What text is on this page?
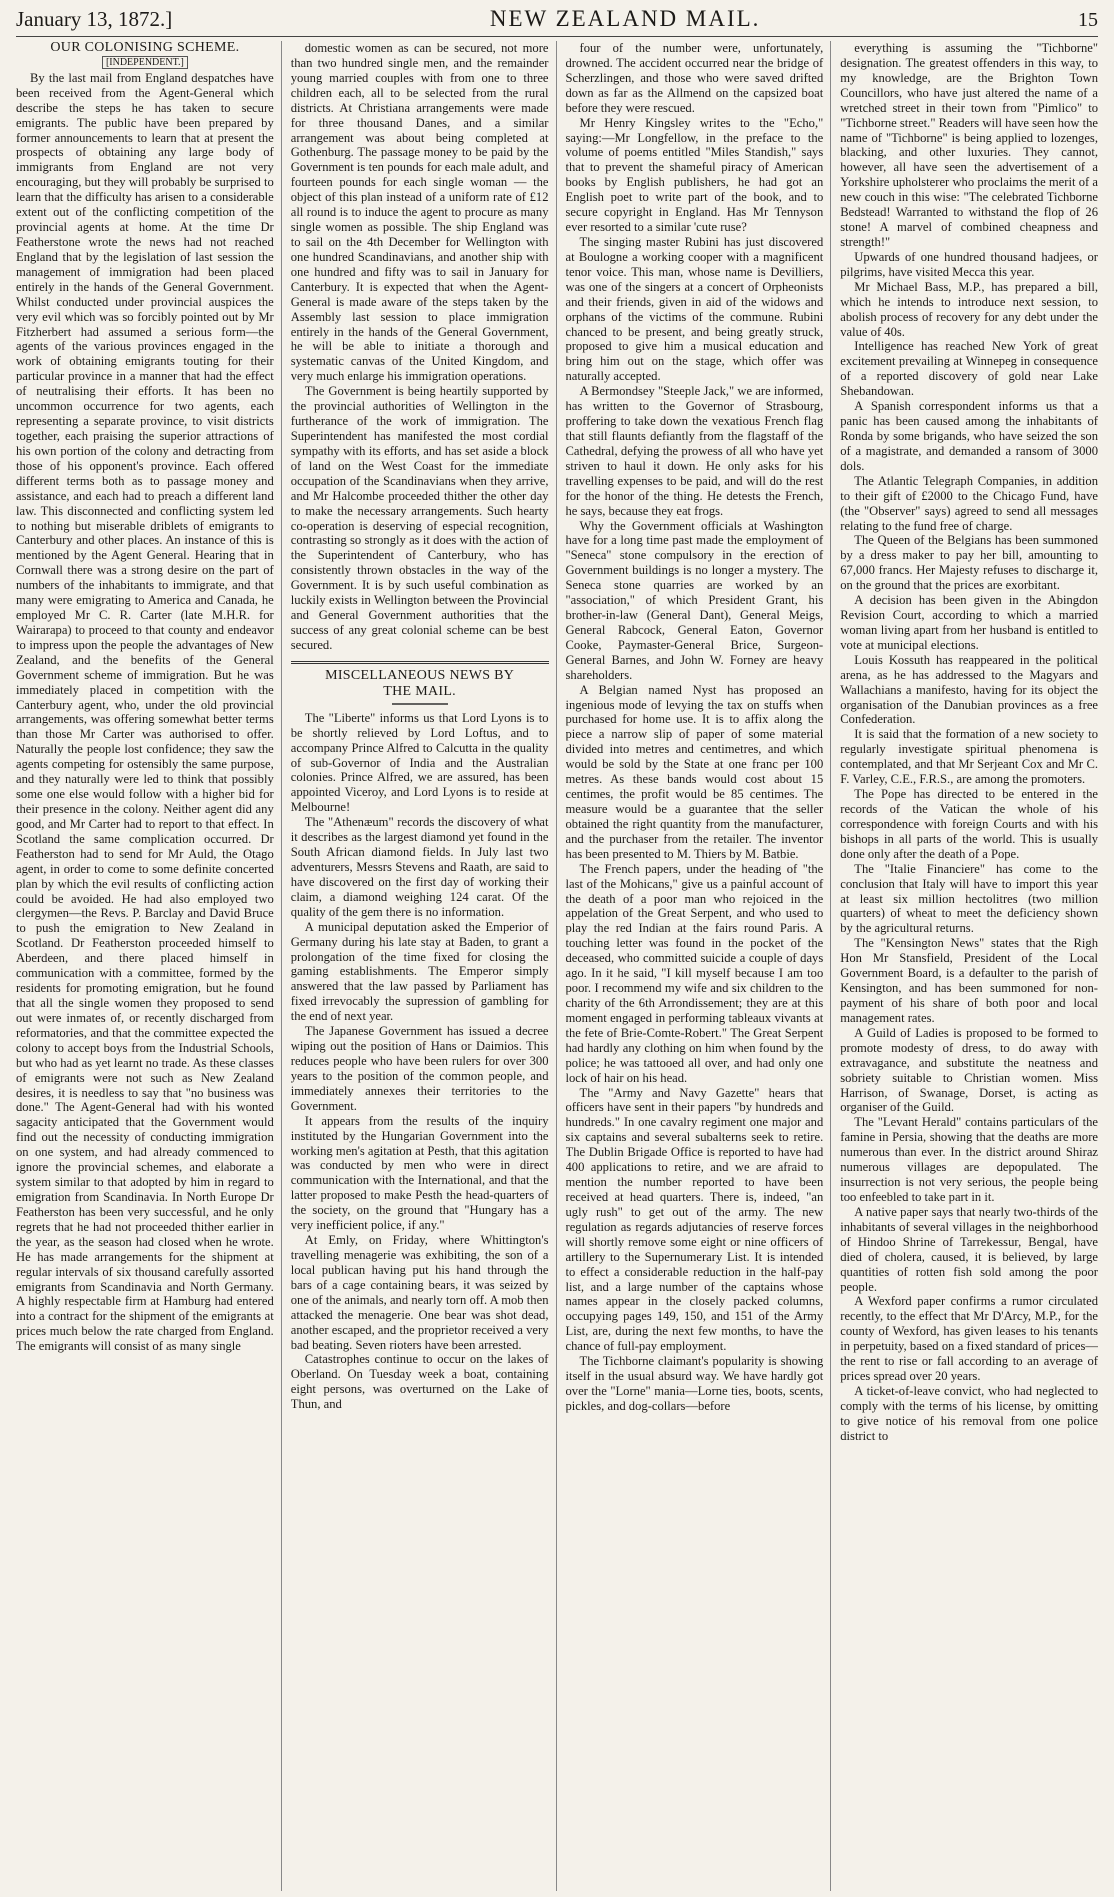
January 13, 1872.]	NEW ZEALAND MAIL.	15

OUR COLONISING SCHEME.

[INDEPENDENT.]

By the last mail from England despatches have been received from the Agent-General which describe the steps he has taken to secure emigrants. The public have been prepared by former announcements to learn that at present the prospects of obtaining any large body of immigrants from England are not very encouraging, but they will probably be surprised to learn that the difficulty has arisen to a considerable extent out of the conflicting competition of the provincial agents at home. At the time Dr Featherstone wrote the news had not reached England that by the legislation of last session the management of immigration had been placed entirely in the hands of the General Government. Whilst conducted under provincial auspices the very evil which was so forcibly pointed out by Mr Fitzherbert had assumed a serious form—the agents of the various provinces engaged in the work of obtaining emigrants touting for their particular province in a manner that had the effect of neutralising their efforts. It has been no uncommon occurrence for two agents, each representing a separate province, to visit districts together, each praising the superior attractions of his own portion of the colony and detracting from those of his opponent's province. Each offered different terms both as to passage money and assistance, and each had to preach a different land law. This disconnected and conflicting system led to nothing but miserable driblets of emigrants to Canterbury and other places. An instance of this is mentioned by the Agent General. Hearing that in Cornwall there was a strong desire on the part of numbers of the inhabitants to immigrate, and that many were emigrating to America and Canada, he employed Mr C. R. Carter (late M.H.R. for Wairarapa) to proceed to that county and endeavor to impress upon the people the advantages of New Zealand, and the benefits of the General Government scheme of immigration. But he was immediately placed in competition with the Canterbury agent, who, under the old provincial arrangements, was offering somewhat better terms than those Mr Carter was authorised to offer. Naturally the people lost confidence; they saw the agents competing for ostensibly the same purpose, and they naturally were led to think that possibly some one else would follow with a higher bid for their presence in the colony. Neither agent did any good, and Mr Carter had to report to that effect. In Scotland the same complication occurred. Dr Featherston had to send for Mr Auld, the Otago agent, in order to come to some definite concerted plan by which the evil results of conflicting action could be avoided. He had also employed two clergymen—the Revs. P. Barclay and David Bruce to push the emigration to New Zealand in Scotland. Dr Featherston proceeded himself to Aberdeen, and there placed himself in communication with a committee, formed by the residents for promoting emigration, but he found that all the single women they proposed to send out were inmates of, or recently discharged from reformatories, and that the committee expected the colony to accept boys from the Industrial Schools, but who had as yet learnt no trade. As these classes of emigrants were not such as New Zealand desires, it is needless to say that "no business was done." The Agent-General had with his wonted sagacity anticipated that the Government would find out the necessity of conducting immigration on one system, and had already commenced to ignore the provincial schemes, and elaborate a system similar to that adopted by him in regard to emigration from Scandinavia. In North Europe Dr Featherston has been very successful, and he only regrets that he had not proceeded thither earlier in the year, as the season had closed when he wrote. He has made arrangements for the shipment at regular intervals of six thousand carefully assorted emigrants from Scandinavia and North Germany. A highly respectable firm at Hamburg had entered into a contract for the shipment of the emigrants at prices much below the rate charged from England. The emigrants will consist of as many single

domestic women as can be secured, not more than two hundred single men, and the remainder young married couples with from one to three children each, all to be selected from the rural districts. At Christiana arrangements were made for three thousand Danes, and a similar arrangement was about being completed at Gothenburg. The passage money to be paid by the Government is ten pounds for each male adult, and fourteen pounds for each single woman — the object of this plan instead of a uniform rate of £12 all round is to induce the agent to procure as many single women as possible. The ship England was to sail on the 4th December for Wellington with one hundred Scandinavians, and another ship with one hundred and fifty was to sail in January for Canterbury. It is expected that when the Agent-General is made aware of the steps taken by the Assembly last session to place immigration entirely in the hands of the General Government, he will be able to initiate a thorough and systematic canvas of the United Kingdom, and very much enlarge his immigration operations.

The Government is being heartily supported by the provincial authorities of Wellington in the furtherance of the work of immigration. The Superintendent has manifested the most cordial sympathy with its efforts, and has set aside a block of land on the West Coast for the immediate occupation of the Scandinavians when they arrive, and Mr Halcombe proceeded thither the other day to make the necessary arrangements. Such hearty co-operation is deserving of especial recognition, contrasting so strongly as it does with the action of the Superintendent of Canterbury, who has consistently thrown obstacles in the way of the Government. It is by such useful combination as luckily exists in Wellington between the Provincial and General Government authorities that the success of any great colonial scheme can be best secured.

MISCELLANEOUS NEWS BY

THE MAIL.

The "Liberte" informs us that Lord Lyons is to be shortly relieved by Lord Loftus, and to accompany Prince Alfred to Calcutta in the quality of sub-Governor of India and the Australian colonies. Prince Alfred, we are assured, has been appointed Viceroy, and Lord Lyons is to reside at Melbourne!

The "Athenæum" records the discovery of what it describes as the largest diamond yet found in the South African diamond fields. In July last two adventurers, Messrs Stevens and Raath, are said to have discovered on the first day of working their claim, a diamond weighing 124 carat. Of the quality of the gem there is no information.

A municipal deputation asked the Emperior of Germany during his late stay at Baden, to grant a prolongation of the time fixed for closing the gaming establishments. The Emperor simply answered that the law passed by Parliament has fixed irrevocably the supression of gambling for the end of next year.

The Japanese Government has issued a decree wiping out the position of Hans or Daimios. This reduces people who have been rulers for over 300 years to the position of the common people, and immediately annexes their territories to the Government.

It appears from the results of the inquiry instituted by the Hungarian Government into the working men's agitation at Pesth, that this agitation was conducted by men who were in direct communication with the International, and that the latter proposed to make Pesth the head-quarters of the society, on the ground that "Hungary has a very inefficient police, if any."

At Emly, on Friday, where Whittington's travelling menagerie was exhibiting, the son of a local publican having put his hand through the bars of a cage containing bears, it was seized by one of the animals, and nearly torn off. A mob then attacked the menagerie. One bear was shot dead, another escaped, and the proprietor received a very bad beating. Seven rioters have been arrested.

Catastrophes continue to occur on the lakes of Oberland. On Tuesday week a boat, containing eight persons, was overturned on the Lake of Thun, and

four of the number were, unfortunately, drowned. The accident occurred near the bridge of Scherzlingen, and those who were saved drifted down as far as the Allmend on the capsized boat before they were rescued.

Mr Henry Kingsley writes to the "Echo," saying:—Mr Longfellow, in the preface to the volume of poems entitled "Miles Standish," says that to prevent the shameful piracy of American books by English publishers, he had got an English poet to write part of the book, and to secure copyright in England. Has Mr Tennyson ever resorted to a similar 'cute ruse?

The singing master Rubini has just discovered at Boulogne a working cooper with a magnificent tenor voice. This man, whose name is Devilliers, was one of the singers at a concert of Orpheonists and their friends, given in aid of the widows and orphans of the victims of the commune. Rubini chanced to be present, and being greatly struck, proposed to give him a musical education and bring him out on the stage, which offer was naturally accepted.

A Bermondsey "Steeple Jack," we are informed, has written to the Governor of Strasbourg, proffering to take down the vexatious French flag that still flaunts defiantly from the flagstaff of the Cathedral, defying the prowess of all who have yet striven to haul it down. He only asks for his travelling expenses to be paid, and will do the rest for the honor of the thing. He detests the French, he says, because they eat frogs.

Why the Government officials at Washington have for a long time past made the employment of "Seneca" stone compulsory in the erection of Government buildings is no longer a mystery. The Seneca stone quarries are worked by an "association," of which President Grant, his brother-in-law (General Dant), General Meigs, General Rabcock, General Eaton, Governor Cooke, Paymaster-General Brice, Surgeon-General Barnes, and John W. Forney are heavy shareholders.

A Belgian named Nyst has proposed an ingenious mode of levying the tax on stuffs when purchased for home use. It is to affix along the piece a narrow slip of paper of some material divided into metres and centimetres, and which would be sold by the State at one franc per 100 metres. As these bands would cost about 15 centimes, the profit would be 85 centimes. The measure would be a guarantee that the seller obtained the right quantity from the manufacturer, and the purchaser from the retailer. The inventor has been presented to M. Thiers by M. Batbie.

The French papers, under the heading of "the last of the Mohicans," give us a painful account of the death of a poor man who rejoiced in the appelation of the Great Serpent, and who used to play the red Indian at the fairs round Paris. A touching letter was found in the pocket of the deceased, who committed suicide a couple of days ago. In it he said, "I kill myself because I am too poor. I recommend my wife and six children to the charity of the 6th Arrondissement; they are at this moment engaged in performing tableaux vivants at the fete of Brie-Comte-Robert." The Great Serpent had hardly any clothing on him when found by the police; he was tattooed all over, and had only one lock of hair on his head.

The "Army and Navy Gazette" hears that officers have sent in their papers "by hundreds and hundreds." In one cavalry regiment one major and six captains and several subalterns seek to retire. The Dublin Brigade Office is reported to have had 400 applications to retire, and we are afraid to mention the number reported to have been received at head quarters. There is, indeed, "an ugly rush" to get out of the army. The new regulation as regards adjutancies of reserve forces will shortly remove some eight or nine officers of artillery to the Supernumerary List. It is intended to effect a considerable reduction in the half-pay list, and a large number of the captains whose names appear in the closely packed columns, occupying pages 149, 150, and 151 of the Army List, are, during the next few months, to have the chance of full-pay employment.

The Tichborne claimant's popularity is showing itself in the usual absurd way. We have hardly got over the "Lorne" mania—Lorne ties, boots, scents, pickles, and dog-collars—before

everything is assuming the "Tichborne" designation. The greatest offenders in this way, to my knowledge, are the Brighton Town Councillors, who have just altered the name of a wretched street in their town from "Pimlico" to "Tichborne street." Readers will have seen how the name of "Tichborne" is being applied to lozenges, blacking, and other luxuries. They cannot, however, all have seen the advertisement of a Yorkshire upholsterer who proclaims the merit of a new couch in this wise: "The celebrated Tichborne Bedstead! Warranted to withstand the flop of 26 stone! A marvel of combined cheapness and strength!"

Upwards of one hundred thousand hadjees, or pilgrims, have visited Mecca this year.

Mr Michael Bass, M.P., has prepared a bill, which he intends to introduce next session, to abolish process of recovery for any debt under the value of 40s.

Intelligence has reached New York of great excitement prevailing at Winnepeg in consequence of a reported discovery of gold near Lake Shebandowan.

A Spanish correspondent informs us that a panic has been caused among the inhabitants of Ronda by some brigands, who have seized the son of a magistrate, and demanded a ransom of 3000 dols.

The Atlantic Telegraph Companies, in addition to their gift of £2000 to the Chicago Fund, have (the "Observer" says) agreed to send all messages relating to the fund free of charge.

The Queen of the Belgians has been summoned by a dress maker to pay her bill, amounting to 67,000 francs. Her Majesty refuses to discharge it, on the ground that the prices are exorbitant.

A decision has been given in the Abingdon Revision Court, according to which a married woman living apart from her husband is entitled to vote at municipal elections.

Louis Kossuth has reappeared in the political arena, as he has addressed to the Magyars and Wallachians a manifesto, having for its object the organisation of the Danubian provinces as a free Confederation.

It is said that the formation of a new society to regularly investigate spiritual phenomena is contemplated, and that Mr Serjeant Cox and Mr C. F. Varley, C.E., F.R.S., are among the promoters.

The Pope has directed to be entered in the records of the Vatican the whole of his correspondence with foreign Courts and with his bishops in all parts of the world. This is usually done only after the death of a Pope.

The "Italie Financiere" has come to the conclusion that Italy will have to import this year at least six million hectolitres (two million quarters) of wheat to meet the deficiency shown by the agricultural returns.

The "Kensington News" states that the Righ Hon Mr Stansfield, President of the Local Government Board, is a defaulter to the parish of Kensington, and has been summoned for non-payment of his share of both poor and local management rates.

A Guild of Ladies is proposed to be formed to promote modesty of dress, to do away with extravagance, and substitute the neatness and sobriety suitable to Christian women. Miss Harrison, of Swanage, Dorset, is acting as organiser of the Guild.

The "Levant Herald" contains particulars of the famine in Persia, showing that the deaths are more numerous than ever. In the district around Shiraz numerous villages are depopulated. The insurrection is not very serious, the people being too enfeebled to take part in it.

A native paper says that nearly two-thirds of the inhabitants of several villages in the neighborhood of Hindoo Shrine of Tarrekessur, Bengal, have died of cholera, caused, it is believed, by large quantities of rotten fish sold among the poor people.

A Wexford paper confirms a rumor circulated recently, to the effect that Mr D'Arcy, M.P., for the county of Wexford, has given leases to his tenants in perpetuity, based on a fixed standard of prices—the rent to rise or fall according to an average of prices spread over 20 years.

A ticket-of-leave convict, who had neglected to comply with the terms of his license, by omitting to give notice of his removal from one police district to
